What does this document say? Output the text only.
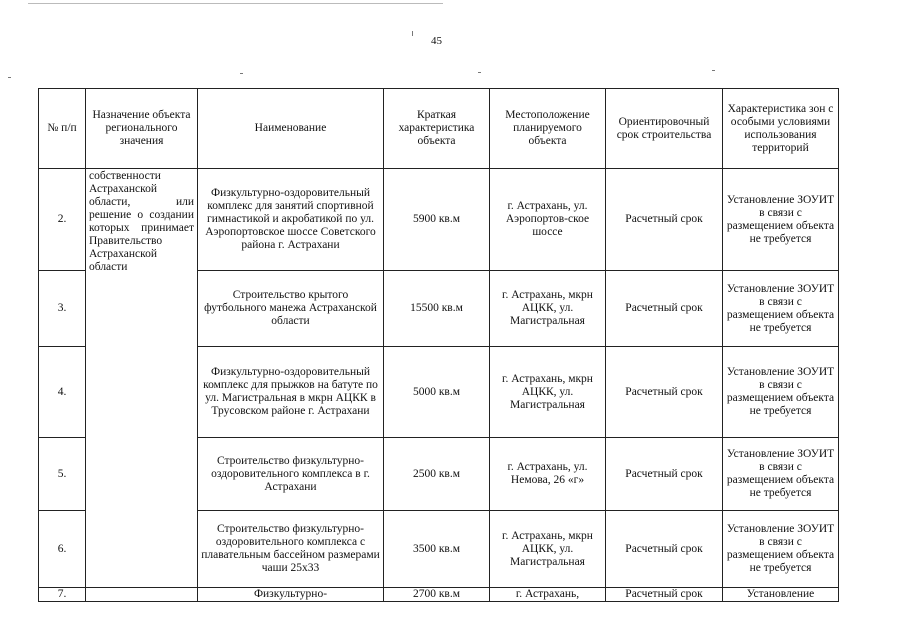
45
№ п/п	Назначение объекта регионального значения	Наименование	Краткая характеристика объекта	Местоположение планируемого объекта	Ориентировочный срок строительства	Характеристика зон с особыми условиями использования территорий
2.	собственности Астраханской области, или решение о создании которых принимает Правительство Астраханской области	Физкультурно-оздоровительный комплекс для занятий спортивной гимнастикой и акробатикой по ул. Аэропортовское шоссе Советского района г. Астрахани	5900 кв.м	г. Астрахань, ул. Аэропортов-ское шоссе	Расчетный срок	Установление ЗОУИТ в связи с размещением объекта не требуется
3.		Строительство крытого футбольного манежа Астраханской области	15500 кв.м	г. Астрахань, мкрн АЦКК, ул. Магистральная	Расчетный срок	Установление ЗОУИТ в связи с размещением объекта не требуется
4.		Физкультурно-оздоровительный комплекс для прыжков на батуте по ул. Магистральная в мкрн АЦКК в Трусовском районе г. Астрахани	5000 кв.м	г. Астрахань, мкрн АЦКК, ул. Магистральная	Расчетный срок	Установление ЗОУИТ в связи с размещением объекта не требуется
5.		Строительство физкультурно-оздоровительного комплекса в г. Астрахани	2500 кв.м	г. Астрахань, ул. Немова, 26 «г»	Расчетный срок	Установление ЗОУИТ в связи с размещением объекта не требуется
6.		Строительство физкультурно-оздоровительного комплекса с плавательным бассейном размерами чаши 25х33	3500 кв.м	г. Астрахань, мкрн АЦКК, ул. Магистральная	Расчетный срок	Установление ЗОУИТ в связи с размещением объекта не требуется
7.		Физкультурно-	2700 кв.м	г. Астрахань,	Расчетный срок	Установление
